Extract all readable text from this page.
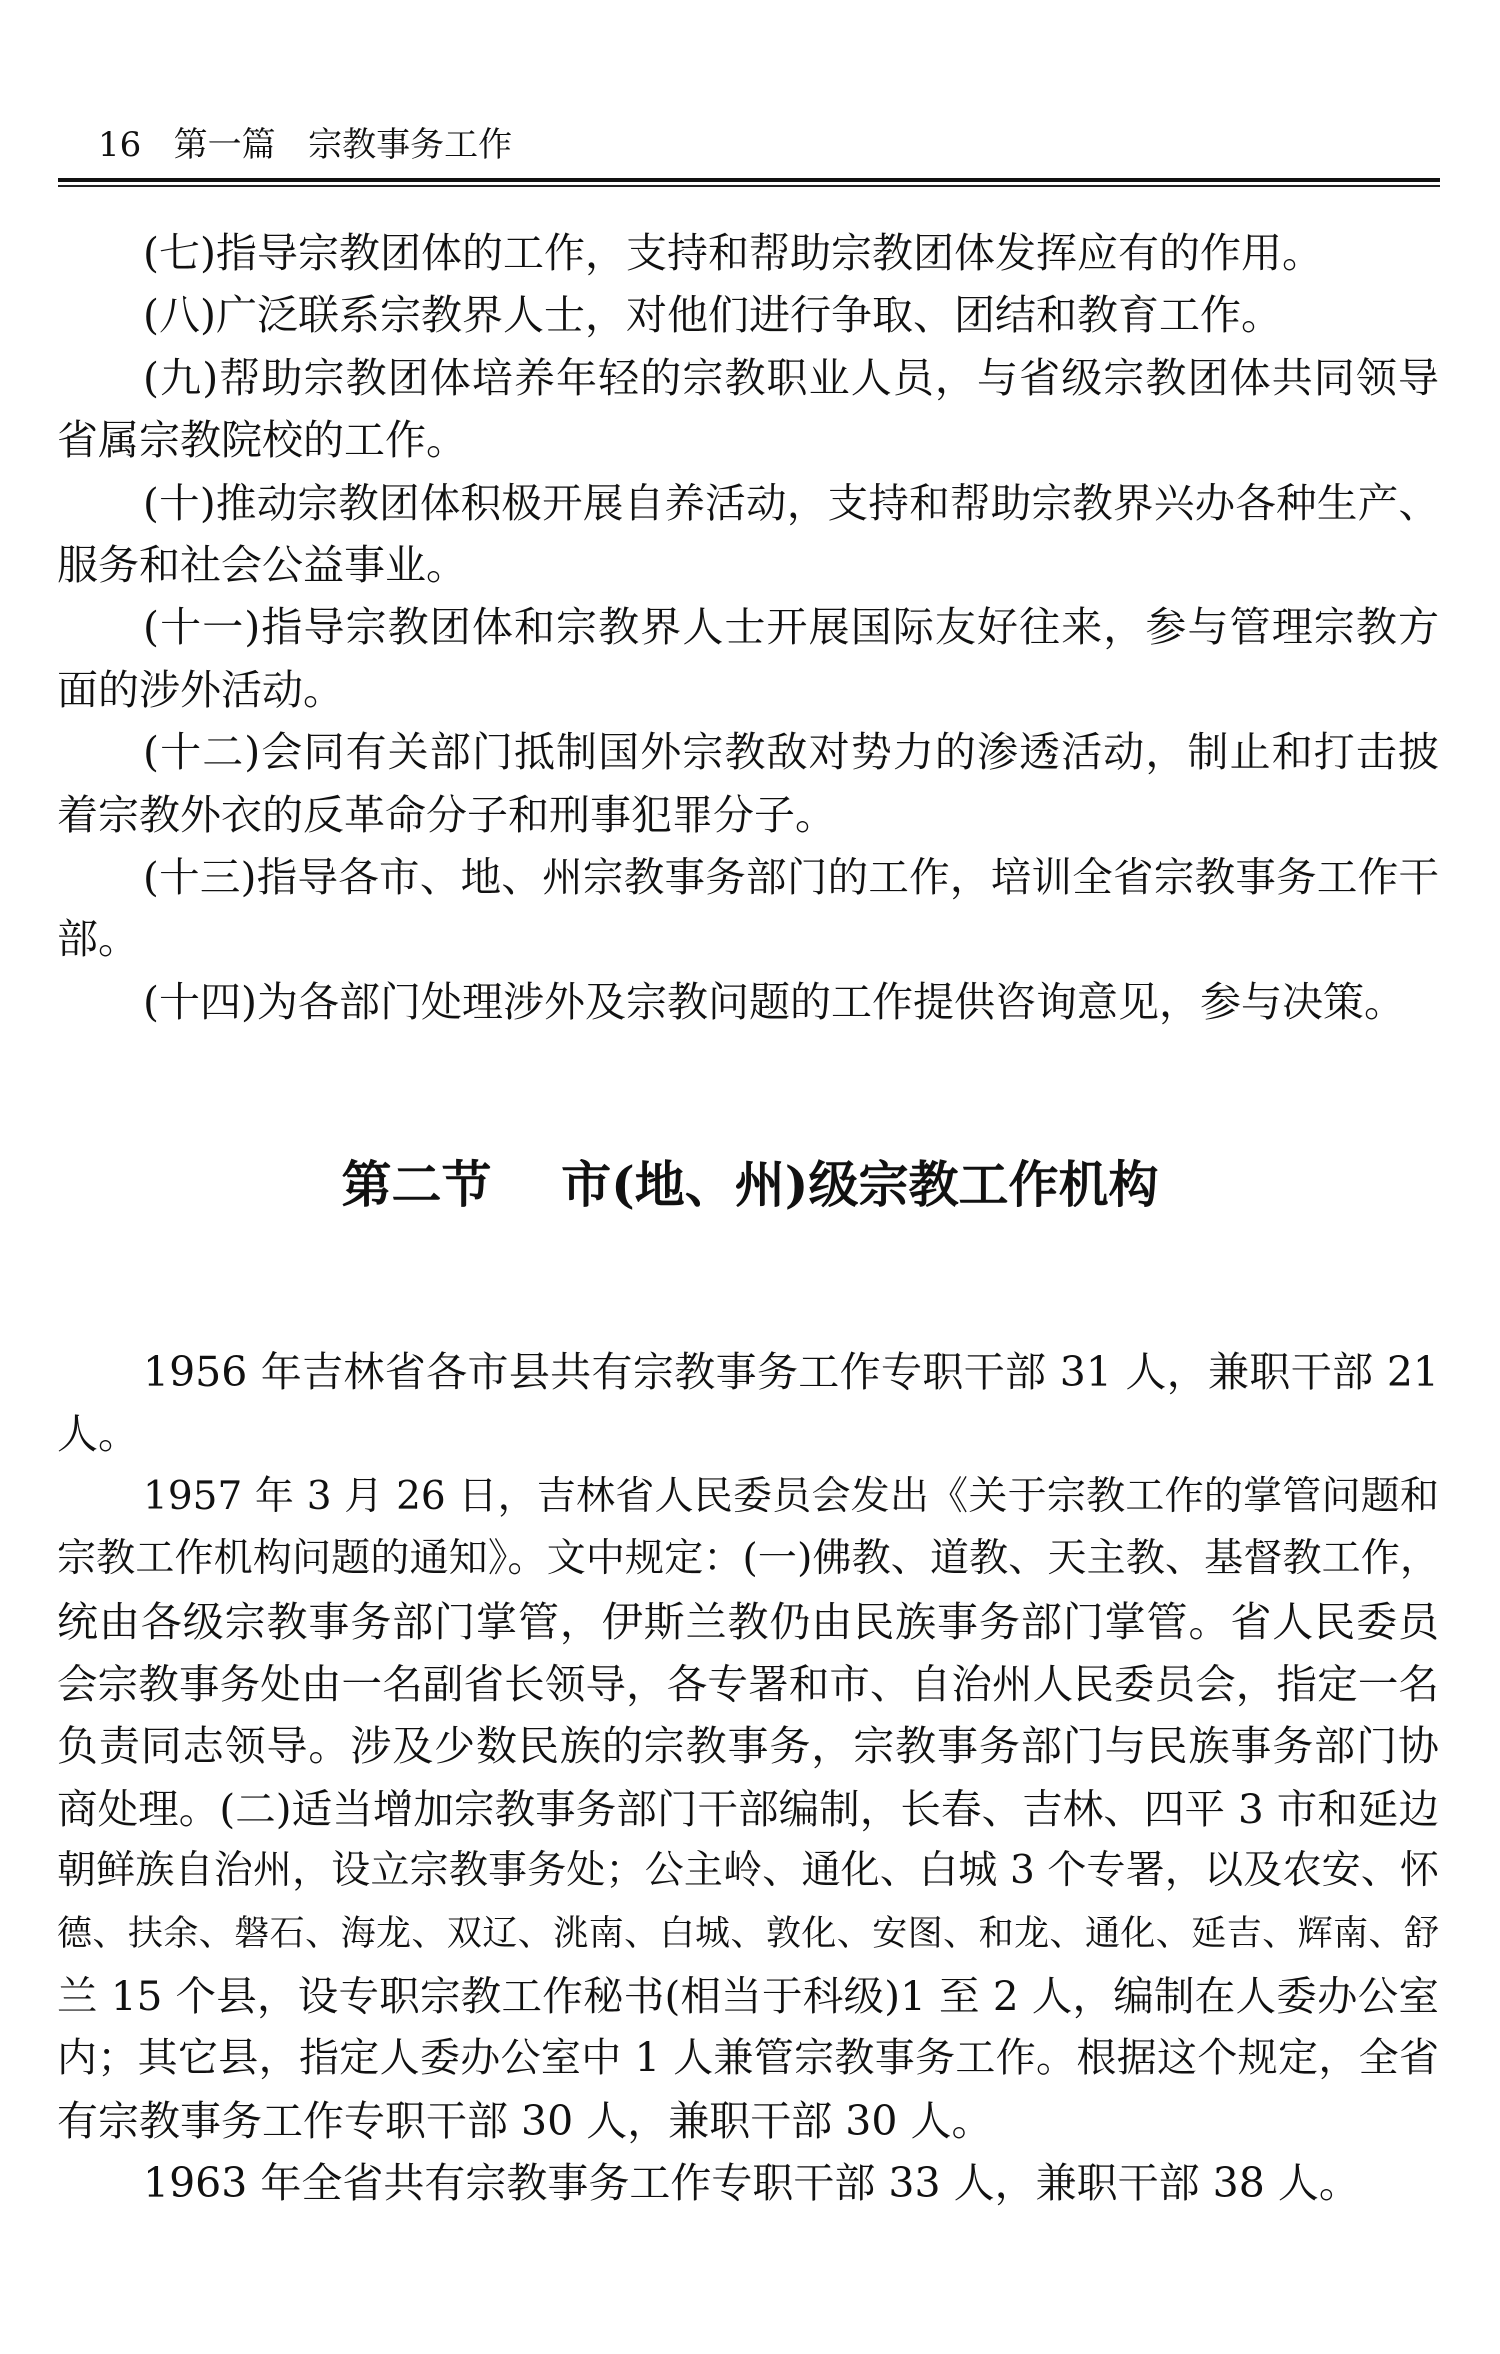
16   第一篇   宗教事务工作
(七)指导宗教团体的工作，支持和帮助宗教团体发挥应有的作用。
(八)广泛联系宗教界人士，对他们进行争取、团结和教育工作。
(九)帮助宗教团体培养年轻的宗教职业人员，与省级宗教团体共同领导
省属宗教院校的工作。
(十)推动宗教团体积极开展自养活动，支持和帮助宗教界兴办各种生产、
服务和社会公益事业。
(十一)指导宗教团体和宗教界人士开展国际友好往来，参与管理宗教方
面的涉外活动。
(十二)会同有关部门抵制国外宗教敌对势力的渗透活动，制止和打击披
着宗教外衣的反革命分子和刑事犯罪分子。
(十三)指导各市、地、州宗教事务部门的工作，培训全省宗教事务工作干
部。
(十四)为各部门处理涉外及宗教问题的工作提供咨询意见，参与决策。
第二节    市(地、州)级宗教工作机构
1956 年吉林省各市县共有宗教事务工作专职干部 31 人，兼职干部 21
人。
1957 年 3 月 26 日，吉林省人民委员会发出《关于宗教工作的掌管问题和
宗教工作机构问题的通知》。文中规定：(一)佛教、道教、天主教、基督教工作，
统由各级宗教事务部门掌管，伊斯兰教仍由民族事务部门掌管。省人民委员
会宗教事务处由一名副省长领导，各专署和市、自治州人民委员会，指定一名
负责同志领导。涉及少数民族的宗教事务，宗教事务部门与民族事务部门协
商处理。(二)适当增加宗教事务部门干部编制，长春、吉林、四平 3 市和延边
朝鲜族自治州，设立宗教事务处；公主岭、通化、白城 3 个专署，以及农安、怀
德、扶余、磐石、海龙、双辽、洮南、白城、敦化、安图、和龙、通化、延吉、辉南、舒
兰 15 个县，设专职宗教工作秘书(相当于科级)1 至 2 人，编制在人委办公室
内；其它县，指定人委办公室中 1 人兼管宗教事务工作。根据这个规定，全省
有宗教事务工作专职干部 30 人，兼职干部 30 人。
1963 年全省共有宗教事务工作专职干部 33 人，兼职干部 38 人。
